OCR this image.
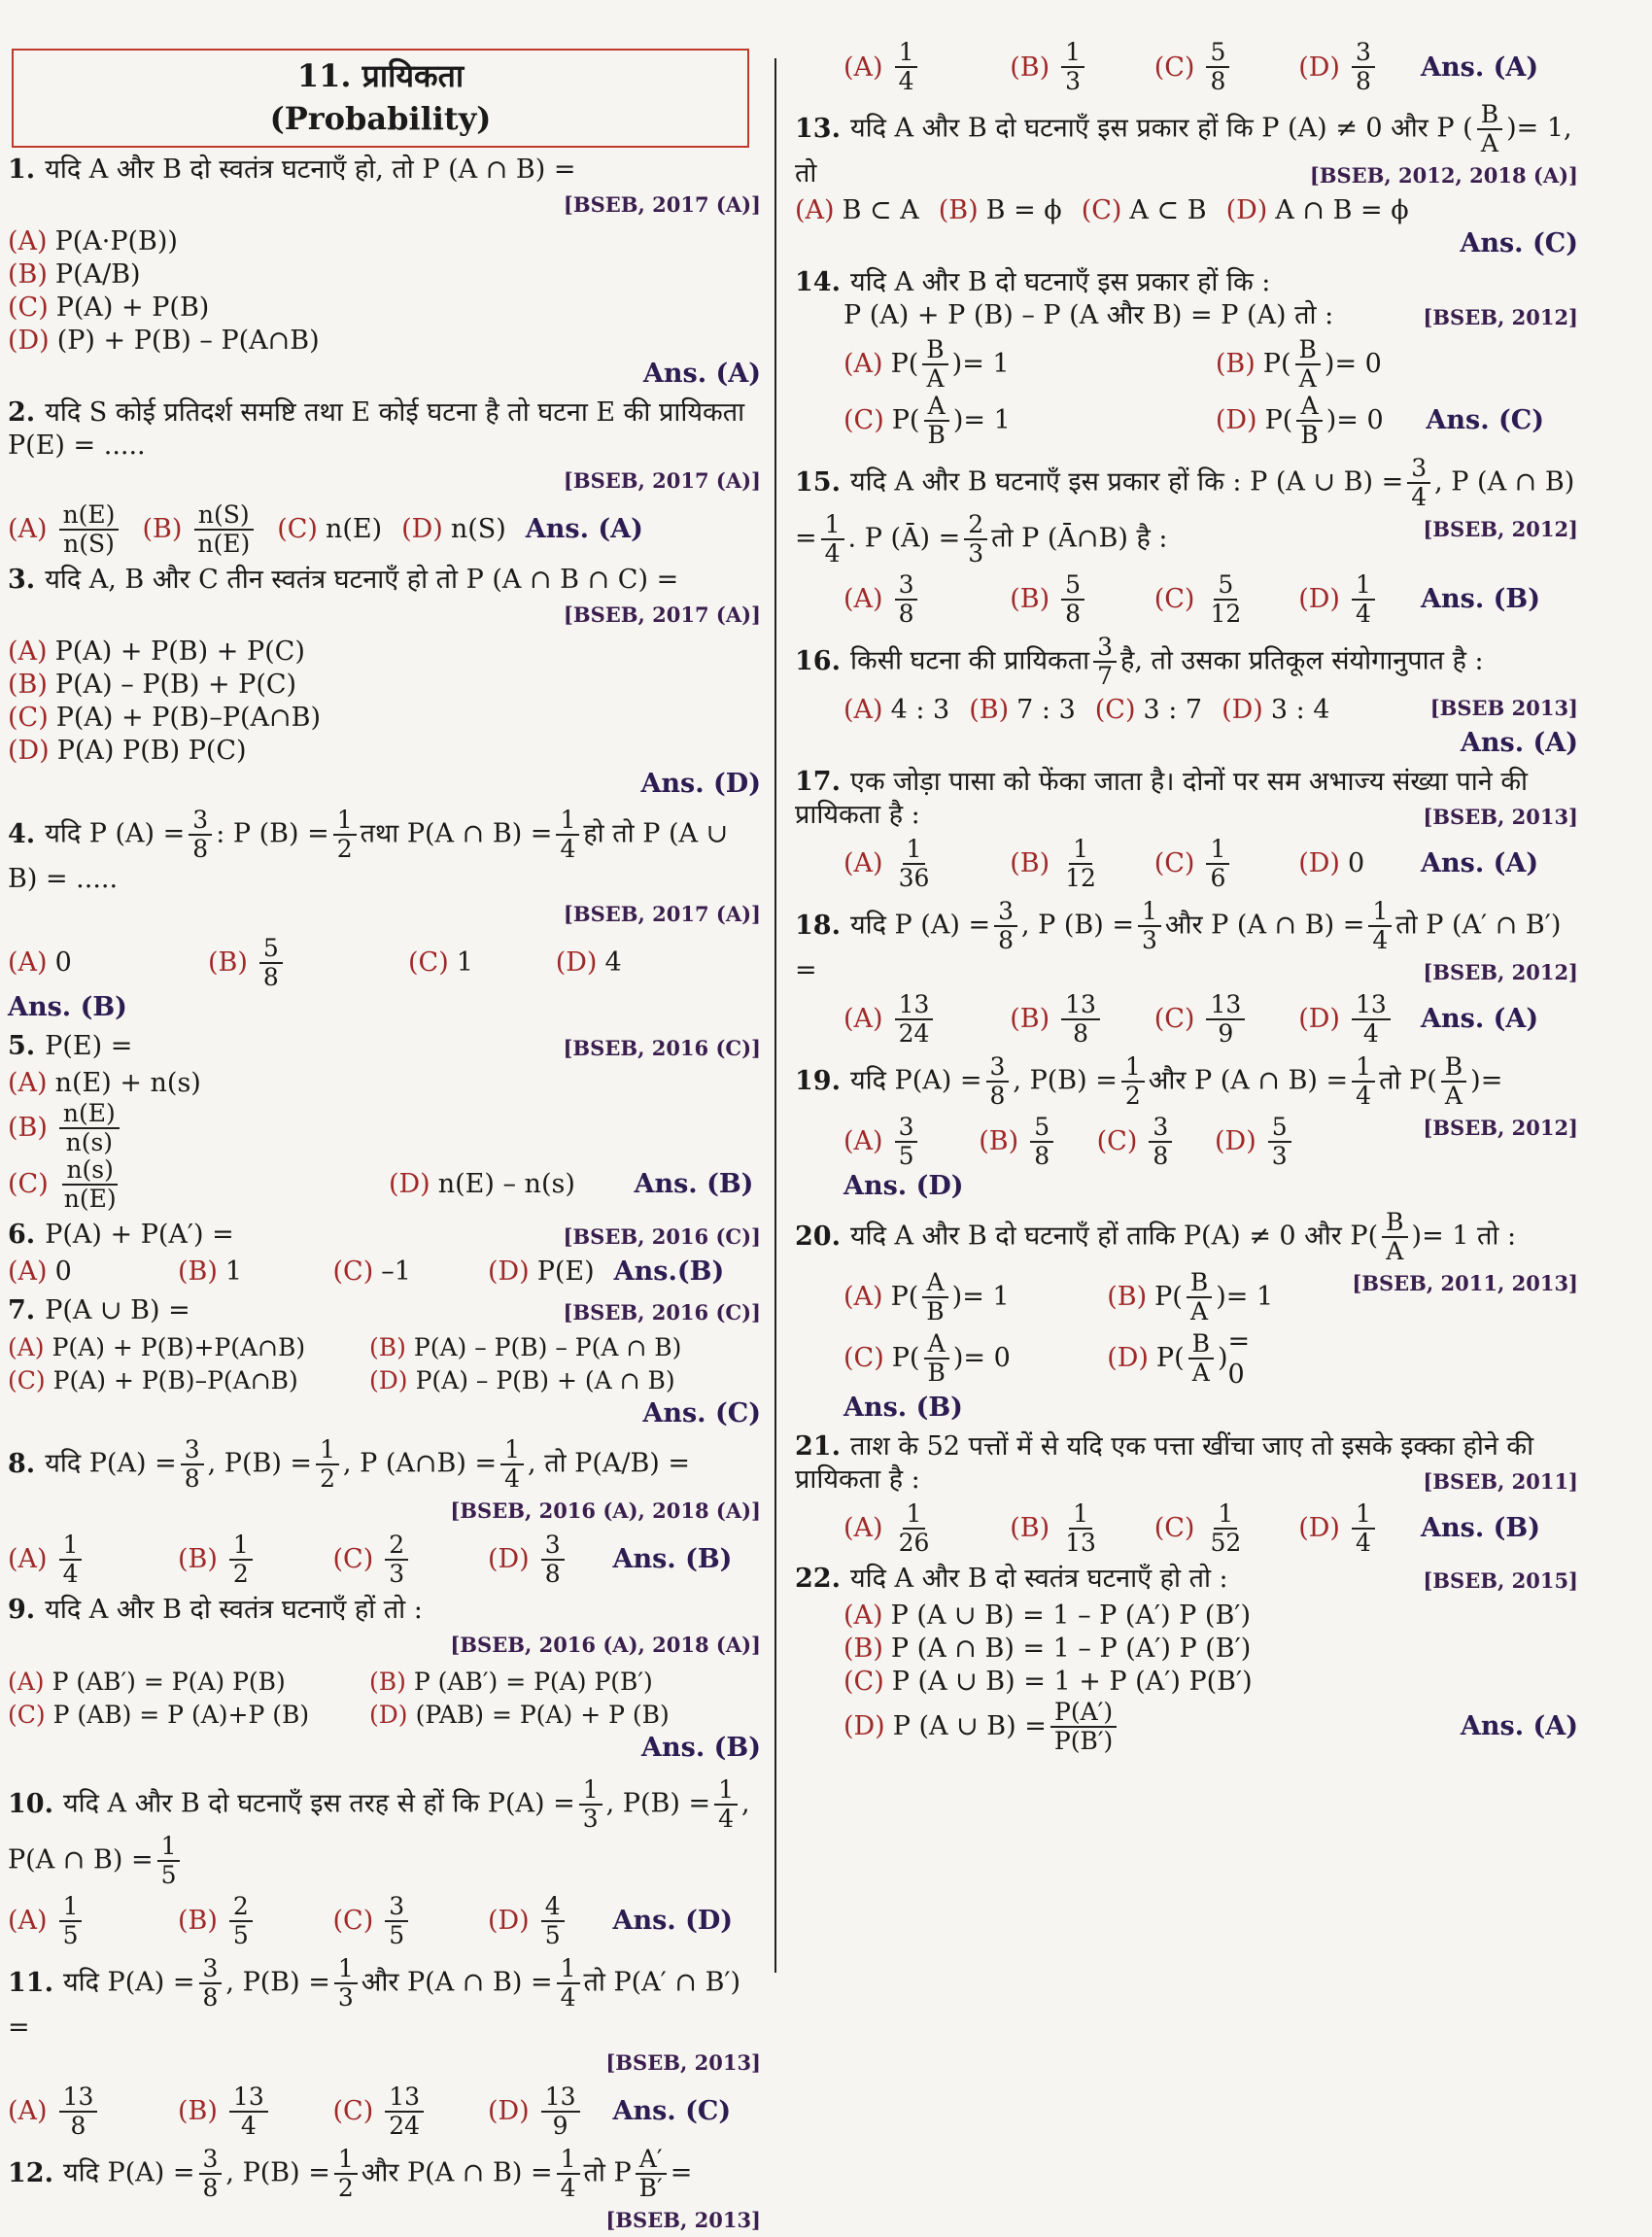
11. प्रायिकता
(Probability)
1. यदि A और B दो स्वतंत्र घटनाएँ हो, तो P (A ∩ B) =
[BSEB, 2017 (A)]
(A) P(A·P(B))
(B) P(A/B)
(C) P(A) + P(B)
(D) (P) + P(B) – P(A∩B)
Ans. (A)
2. यदि S कोई प्रतिदर्श समष्टि तथा E कोई घटना है तो घटना E की प्रायिकता P(E) = .....
[BSEB, 2017 (A)]
$(A) \frac{n(E)}{n(S)} (B) \frac{n(S)}{n(E)} (C)$ n(E) (D) n(S) Ans. (A)
3. यदि A, B और C तीन स्वतंत्र घटनाएँ हो तो P (A ∩ B ∩ C) =
[BSEB, 2017 (A)]
(A) P(A) + P(B) + P(C)
(B) P(A) – P(B) + P(C)
(C) P(A) + P(B)–P(A∩B)
(D) P(A) P(B) P(C)
Ans. (D)
4. यदि P $(A) = \frac{3}{8}$ : P $(B) = \frac{1}{2}$ तथा P(A ∩ $B) = \frac{1}{4}$ हो तो P (A ∪ B) = .....
[BSEB, 2017 (A)]
(A) 0	$(B) \frac{5}{8}$	(C) 1	(D) 4
Ans. (B)
5. P(E) =	[BSEB, 2016 (C)]
(A) n(E) + n(s)
$(B) \frac{n(E)}{n(s)}$
$(C) \frac{n(s)}{n(E)}$	(D) n(E) – n(s) Ans. (B)
6. P(A) + P(A′) =	[BSEB, 2016 (C)]
(A) 0	(B) 1	(C) –1	(D) P(E) Ans.(B)
7. P(A ∪ B) =	[BSEB, 2016 (C)]
(A) P(A) + P(B)+P(A∩B)	(B) P(A) – P(B) – P(A ∩ B)
(C) P(A) + P(B)–P(A∩B)	(D) P(A) – P(B) + (A ∩ B)
Ans. (C)
8. यदि $P(A) = \frac{3}{8}$ , $P(B) = \frac{1}{2}$ , P (A∩B) = $\frac{1}{4}$ , तो P(A/B) =
[BSEB, 2016 (A), 2018 (A)]
$(A) \frac{1}{4}$	$(B) \frac{1}{2}$	$(C) \frac{2}{3}$	$(D) \frac{3}{8}$ Ans. (B)
9. यदि A और B दो स्वतंत्र घटनाएँ हों तो :
[BSEB, 2016 (A), 2018 (A)]
(A) P (AB′) = P(A) P(B)	(B) P (AB′) = P(A) P(B′)
(C) P (AB) = P (A)+P (B) (D) (PAB) = P(A) + P (B)
Ans. (B)
10. यदि A और B दो घटनाएँ इस तरह से हों कि $P(A) = \frac{1}{3}$ , $P(B) = \frac{1}{4}$ , P(A ∩ $B) = \frac{1}{5}$
$(A) \frac{1}{5}$	$(B) \frac{2}{5}$	$(C) \frac{3}{5}$	$(D) \frac{4}{5}$ Ans. (D)
11. यदि $P(A) = \frac{3}{8}$ , $P(B) = \frac{1}{3}$ और P(A ∩ $B) = \frac{1}{4}$ तो P(A′ ∩ B′) =
[BSEB, 2013]
$(A) \frac{13}{8}$	$(B) \frac{13}{4} (C) \frac{13}{24} (D) \frac{13}{9}$ Ans. (C)
12. यदि $P(A) = \frac{3}{8}$ , $P(B) = \frac{1}{2}$ और P(A ∩ $B) = \frac{1}{4}$ तो P $\frac{A'}{B'}$ =
[BSEB, 2013]
$(A) \frac{1}{4}$	$(B) \frac{1}{3}$	$(C) \frac{5}{8}$	$(D) \frac{3}{8}$ Ans. (A)
13. यदि A और B दो घटनाएँ इस प्रकार हों कि P (A) ≠ 0 और P ( $\frac{B}{A}$ )= 1, तो	[BSEB, 2012, 2018 (A)]
(A) B ⊂ A (B) B = ϕ (C) A ⊂ B (D) A ∩ B = ϕ
Ans. (C)
14. यदि A और B दो घटनाएँ इस प्रकार हों कि :
P (A) + P (B) – P (A और B) = P (A) तो :	[BSEB, 2012]
(A) P ( $\frac{B}{A}$ ) = 1	(B) P ( $\frac{B}{A}$ ) = 0
(C) P ( $\frac{A}{B}$ ) = 1	(D) P ( $\frac{A}{B}$ ) = 0 Ans. (C)
15. यदि A और B घटनाएँ इस प्रकार हों कि : P (A ∪ $B) = \frac{3}{4}$ , P (A ∩ $B) = \frac{1}{4}$ . P (Ā) = $\frac{2}{3}$ तो P (Ā∩B) है :	[BSEB, 2012]
$(A) \frac{3}{8}$	$(B) \frac{5}{8}$	$(C) \frac{5}{12} (D) \frac{1}{4}$ Ans. (B)
16. किसी घटना की प्रायिकता $\frac{3}{7}$ है, तो उसका प्रतिकूल संयोगानुपात है :
[BSEB 2013]
(A) 4 : 3 (B) 7 : 3 (C) 3 : 7 (D) 3 : 4
Ans. (A)
17. एक जोड़ा पासा को फेंका जाता है। दोनों पर सम अभाज्य संख्या पाने की प्रायिकता है :	[BSEB, 2013]
$(A) \frac{1}{36}$	$(B) \frac{1}{12} (C) \frac{1}{6}$	(D) 0 Ans. (A)
18. यदि P $(A) = \frac{3}{8}$ , P $(B) = \frac{1}{3}$ और P (A ∩ $B) = \frac{1}{4}$ तो P (A′ ∩ B′) =	[BSEB, 2012]
$(A) \frac{13}{24}$	$(B) \frac{13}{8} (C) \frac{13}{9} (D) \frac{13}{4}$ Ans. (A)
19. यदि $P(A) = \frac{3}{8}$ , $P(B) = \frac{1}{2}$ और P (A ∩ $B) = \frac{1}{4}$ तो $P( \frac{B}{A}$ )=
[BSEB, 2012]
$(A) \frac{3}{5} (B) \frac{5}{8} (C) \frac{3}{8} (D) \frac{5}{3}$
Ans. (D)
20. यदि A और B दो घटनाएँ हों ताकि P(A) ≠ 0 और $P( \frac{B}{A}$ )= 1 तो :
[BSEB, 2011, 2013]
(A) P ( $\frac{A}{B}$ ) = 1	(B) P ( $\frac{B}{A}$ ) = 1
(C) P ( $\frac{A}{B}$ ) = 0	(D) P ( $\frac{B}{A}$ )
= 0
Ans. (B)
21. ताश के 52 पत्तों में से यदि एक पत्ता खींचा जाए तो इसके इक्का होने की प्रायिकता है :	[BSEB, 2011]
$(A) \frac{1}{26}$	$(B) \frac{1}{13} (C) \frac{1}{52} (D) \frac{1}{4}$ Ans. (B)
22. यदि A और B दो स्वतंत्र घटनाएँ हो तो :	[BSEB, 2015]
(A) P (A ∪ B) = 1 – P (A′) P (B′)
(B) P (A ∩ B) = 1 – P (A′) P (B′)
(C) P (A ∪ B) = 1 + P (A′) P(B′)
(D) P (A ∪ $B) = \frac{P(A')}{P(B')}$	Ans. (A)
